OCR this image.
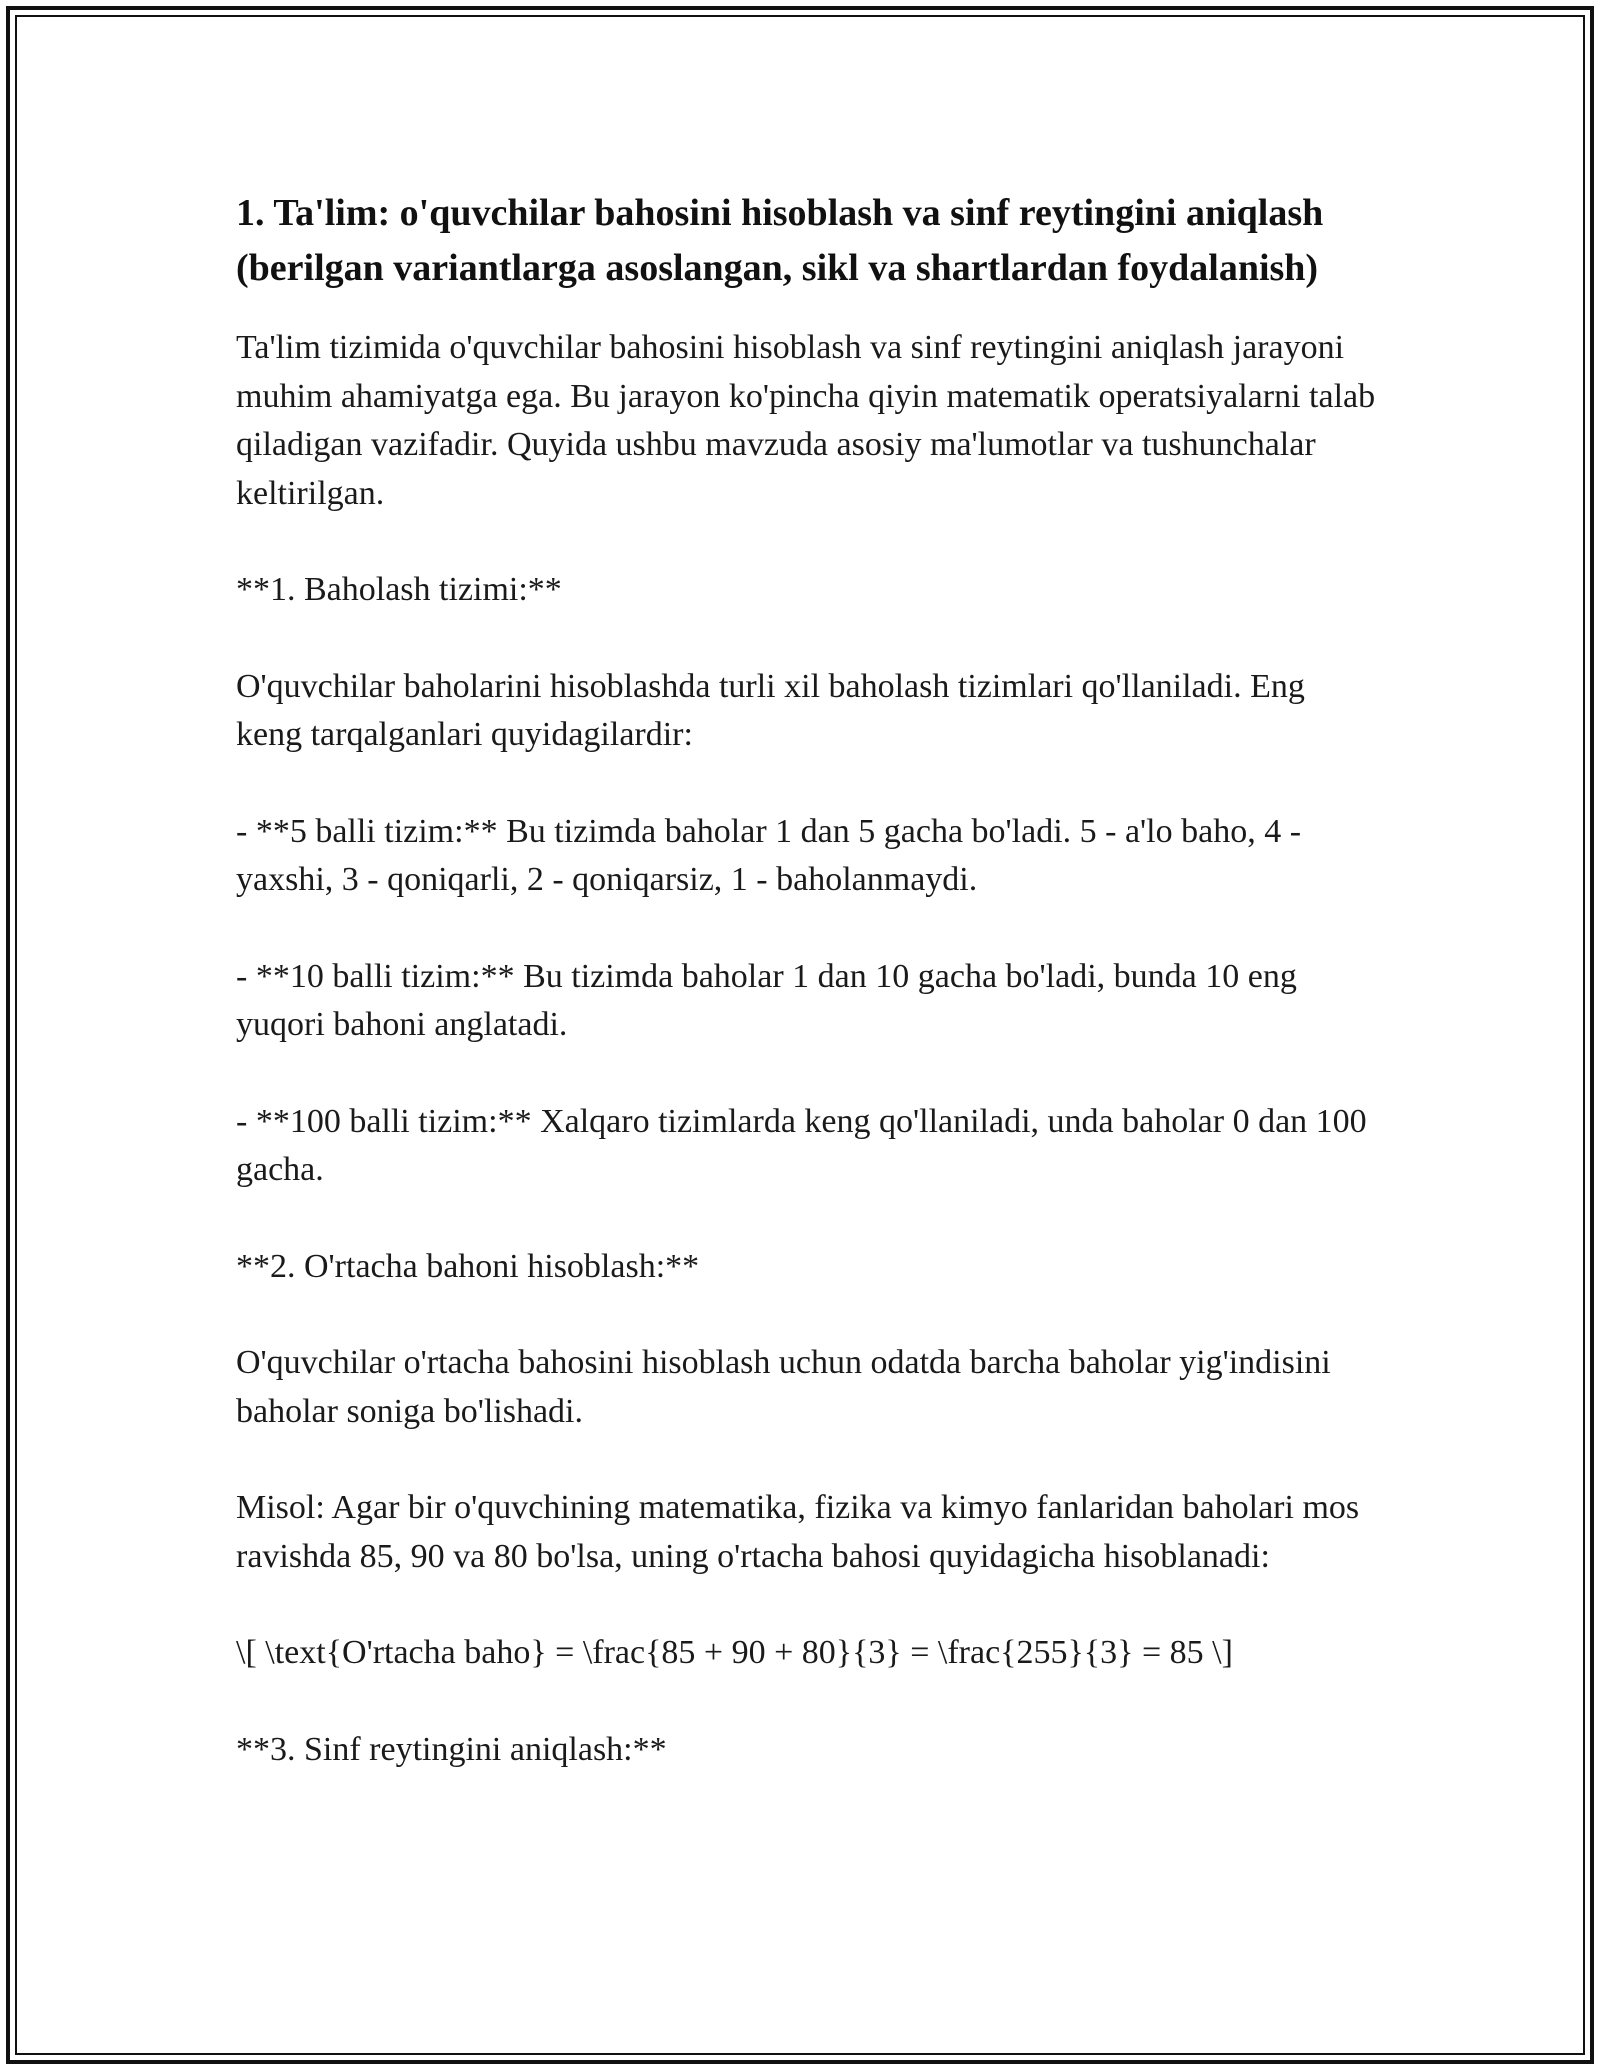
1. Ta'lim: o'quvchilar bahosini hisoblash va sinf reytingini aniqlash (berilgan variantlarga asoslangan, sikl va shartlardan foydalanish)

Ta'lim tizimida o'quvchilar bahosini hisoblash va sinf reytingini aniqlash jarayoni muhim ahamiyatga ega. Bu jarayon ko'pincha qiyin matematik operatsiyalarni talab qiladigan vazifadir. Quyida ushbu mavzuda asosiy ma'lumotlar va tushunchalar keltirilgan.

**1. Baholash tizimi:**

O'quvchilar baholarini hisoblashda turli xil baholash tizimlari qo'llaniladi. Eng keng tarqalganlari quyidagilardir:

- **5 balli tizim:** Bu tizimda baholar 1 dan 5 gacha bo'ladi. 5 - a'lo baho, 4 - yaxshi, 3 - qoniqarli, 2 - qoniqarsiz, 1 - baholanmaydi.

- **10 balli tizim:** Bu tizimda baholar 1 dan 10 gacha bo'ladi, bunda 10 eng yuqori bahoni anglatadi.

- **100 balli tizim:** Xalqaro tizimlarda keng qo'llaniladi, unda baholar 0 dan 100 gacha.

**2. O'rtacha bahoni hisoblash:**

O'quvchilar o'rtacha bahosini hisoblash uchun odatda barcha baholar yig'indisini baholar soniga bo'lishadi.

Misol: Agar bir o'quvchining matematika, fizika va kimyo fanlaridan baholari mos ravishda 85, 90 va 80 bo'lsa, uning o'rtacha bahosi quyidagicha hisoblanadi:

\[ \text{O'rtacha baho} = \frac{85 + 90 + 80}{3} = \frac{255}{3} = 85 \]

**3. Sinf reytingini aniqlash:**
